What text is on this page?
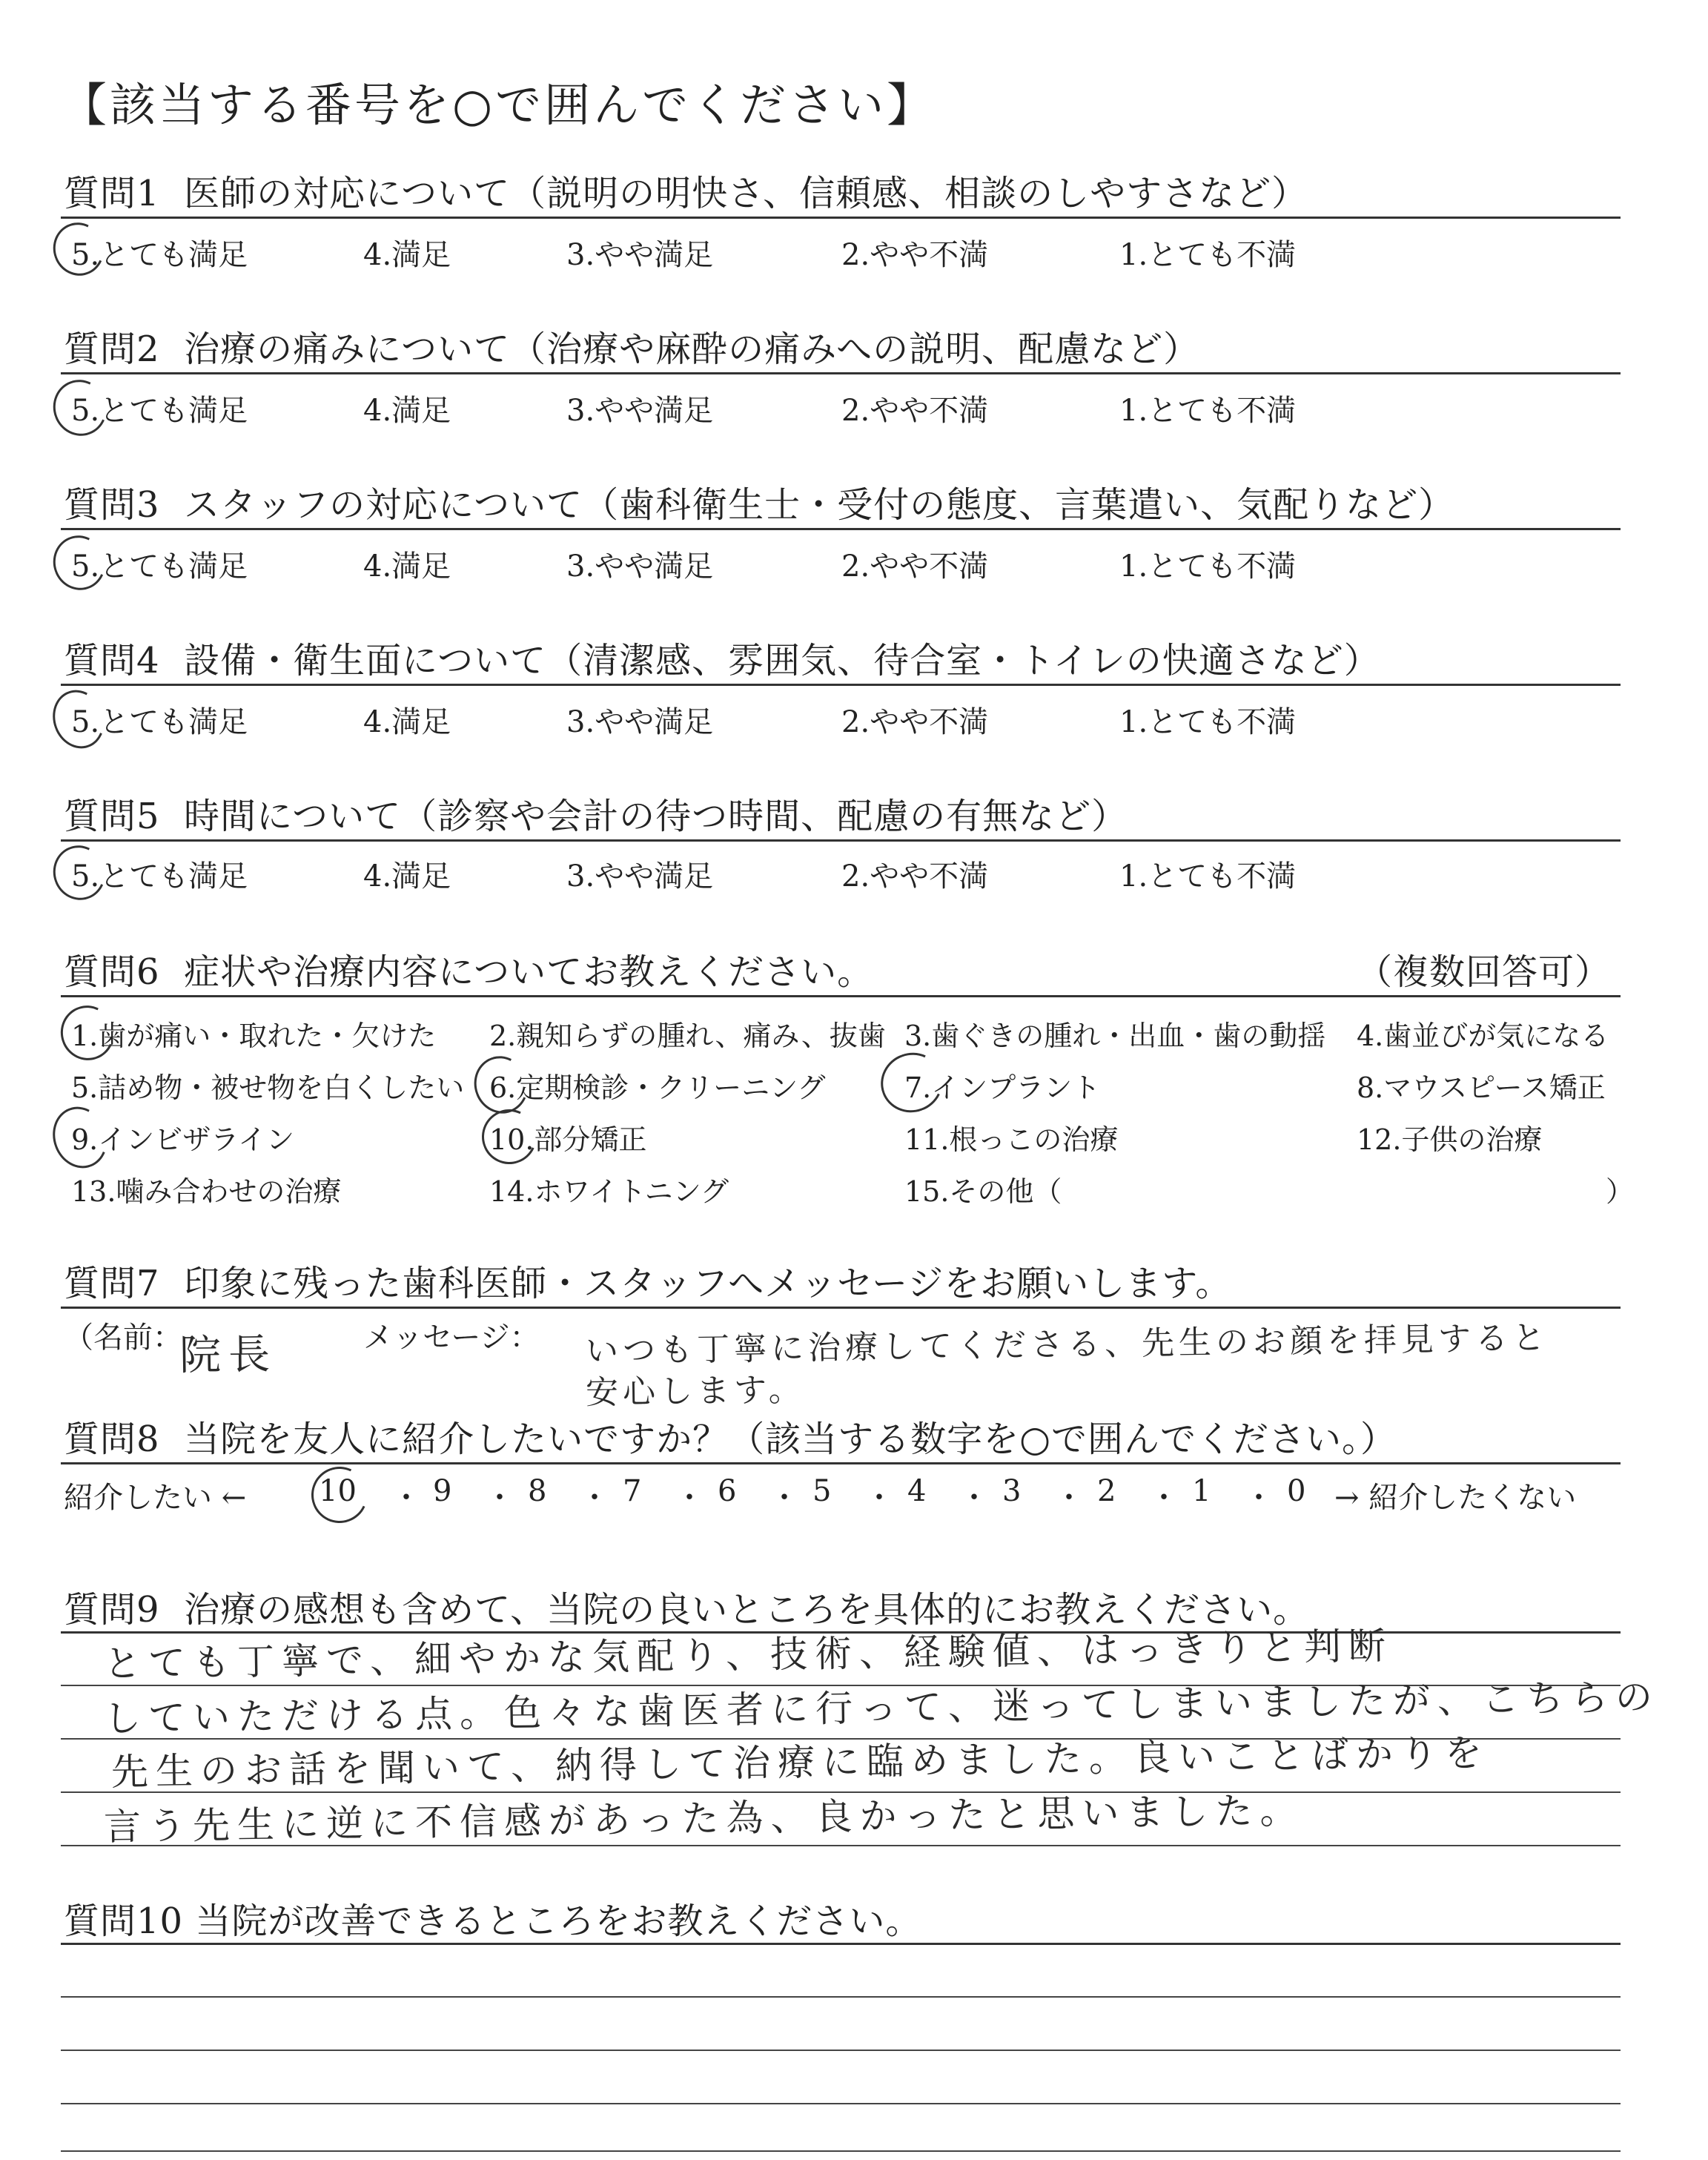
【該当する番号を○で囲んでください】
質問1 医師の対応について（説明の明快さ、信頼感、相談のしやすさなど）
5.とても満足	4.満足	3.やや満足	2.やや不満	1.とても不満
質問2 治療の痛みについて（治療や麻酔の痛みへの説明、配慮など）
5.とても満足	4.満足	3.やや満足	2.やや不満	1.とても不満
質問3 スタッフの対応について（歯科衛生士・受付の態度、言葉遣い、気配りなど）
5.とても満足	4.満足	3.やや満足	2.やや不満	1.とても不満
質問4 設備・衛生面について（清潔感、雰囲気、待合室・トイレの快適さなど）
5.とても満足	4.満足	3.やや満足	2.やや不満	1.とても不満
質問5 時間について（診察や会計の待つ時間、配慮の有無など）
5.とても満足	4.満足	3.やや満足	2.やや不満	1.とても不満
質問6 症状や治療内容についてお教えください。	（複数回答可）
1.歯が痛い・取れた・欠けた 2.親知らずの腫れ、痛み、抜歯 3.歯ぐきの腫れ・出血・歯の動揺 4.歯並びが気になる
5.詰め物・被せ物を白くしたい 6.定期検診・クリーニング	7.インプラント	8.マウスピース矯正
9.インビザライン	10.部分矯正	11.根っこの治療	12.子供の治療
13.噛み合わせの治療	14.ホワイトニング	15.その他（	）
質問7 印象に残った歯科医師・スタッフへメッセージをお願いします。
（名前：
院長	メッセージ： いつも丁寧に治療してくださる、先生のお顔を拝見すると
安心します。
質問8 当院を友人に紹介したいですか？（該当する数字を○で囲んでください。）
紹介したい ← 10 ・ 9 ・ 8 ・ 7 ・ 6 ・ 5 ・ 4 ・ 3 ・ 2 ・ 1 ・ 0 → 紹介したくない
質問9 治療の感想も含めて、当院の良いところを具体的にお教えください。
とても丁寧で、細やかな気配り、技術、経験値、はっきりと判断
していただける点。色々な歯医者に行って、迷ってしまいましたが、こちらの
先生のお話を聞いて、納得して治療に臨めました。良いことばかりを
言う先生に逆に不信感があった為、良かったと思いました。
質問10 当院が改善できるところをお教えください。
